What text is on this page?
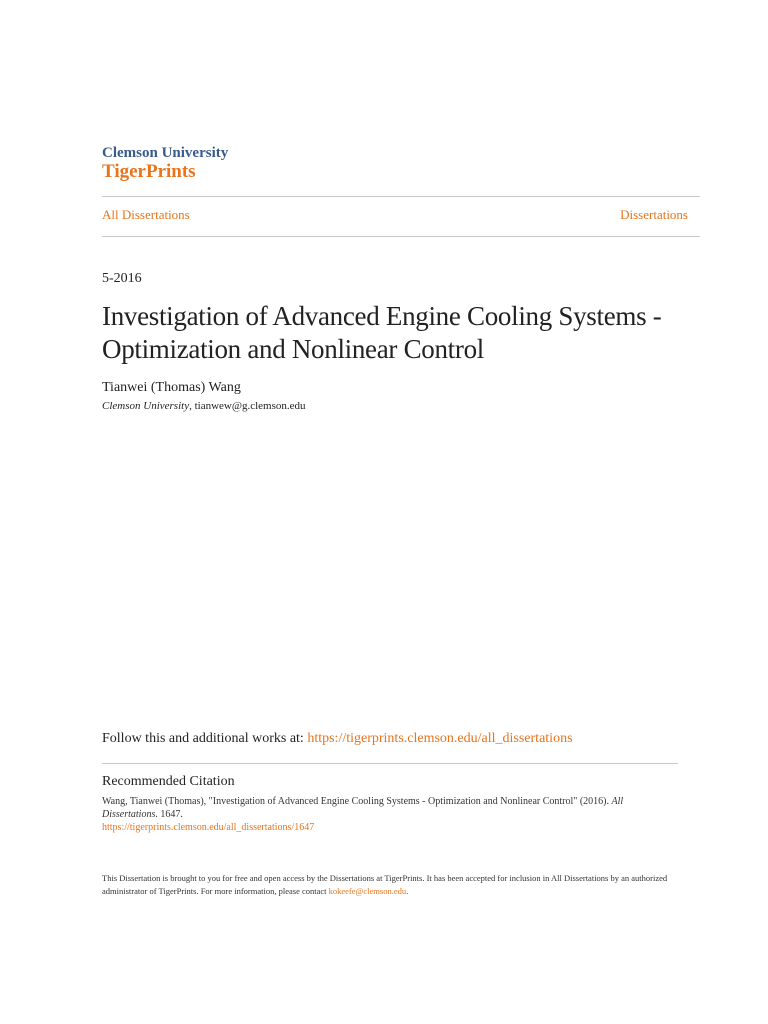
Clemson University
TigerPrints
All Dissertations	Dissertations
5-2016
Investigation of Advanced Engine Cooling Systems - Optimization and Nonlinear Control
Tianwei (Thomas) Wang
Clemson University, tianwew@g.clemson.edu
Follow this and additional works at: https://tigerprints.clemson.edu/all_dissertations
Recommended Citation
Wang, Tianwei (Thomas), "Investigation of Advanced Engine Cooling Systems - Optimization and Nonlinear Control" (2016). All Dissertations. 1647.
https://tigerprints.clemson.edu/all_dissertations/1647
This Dissertation is brought to you for free and open access by the Dissertations at TigerPrints. It has been accepted for inclusion in All Dissertations by an authorized administrator of TigerPrints. For more information, please contact kokeefe@clemson.edu.
